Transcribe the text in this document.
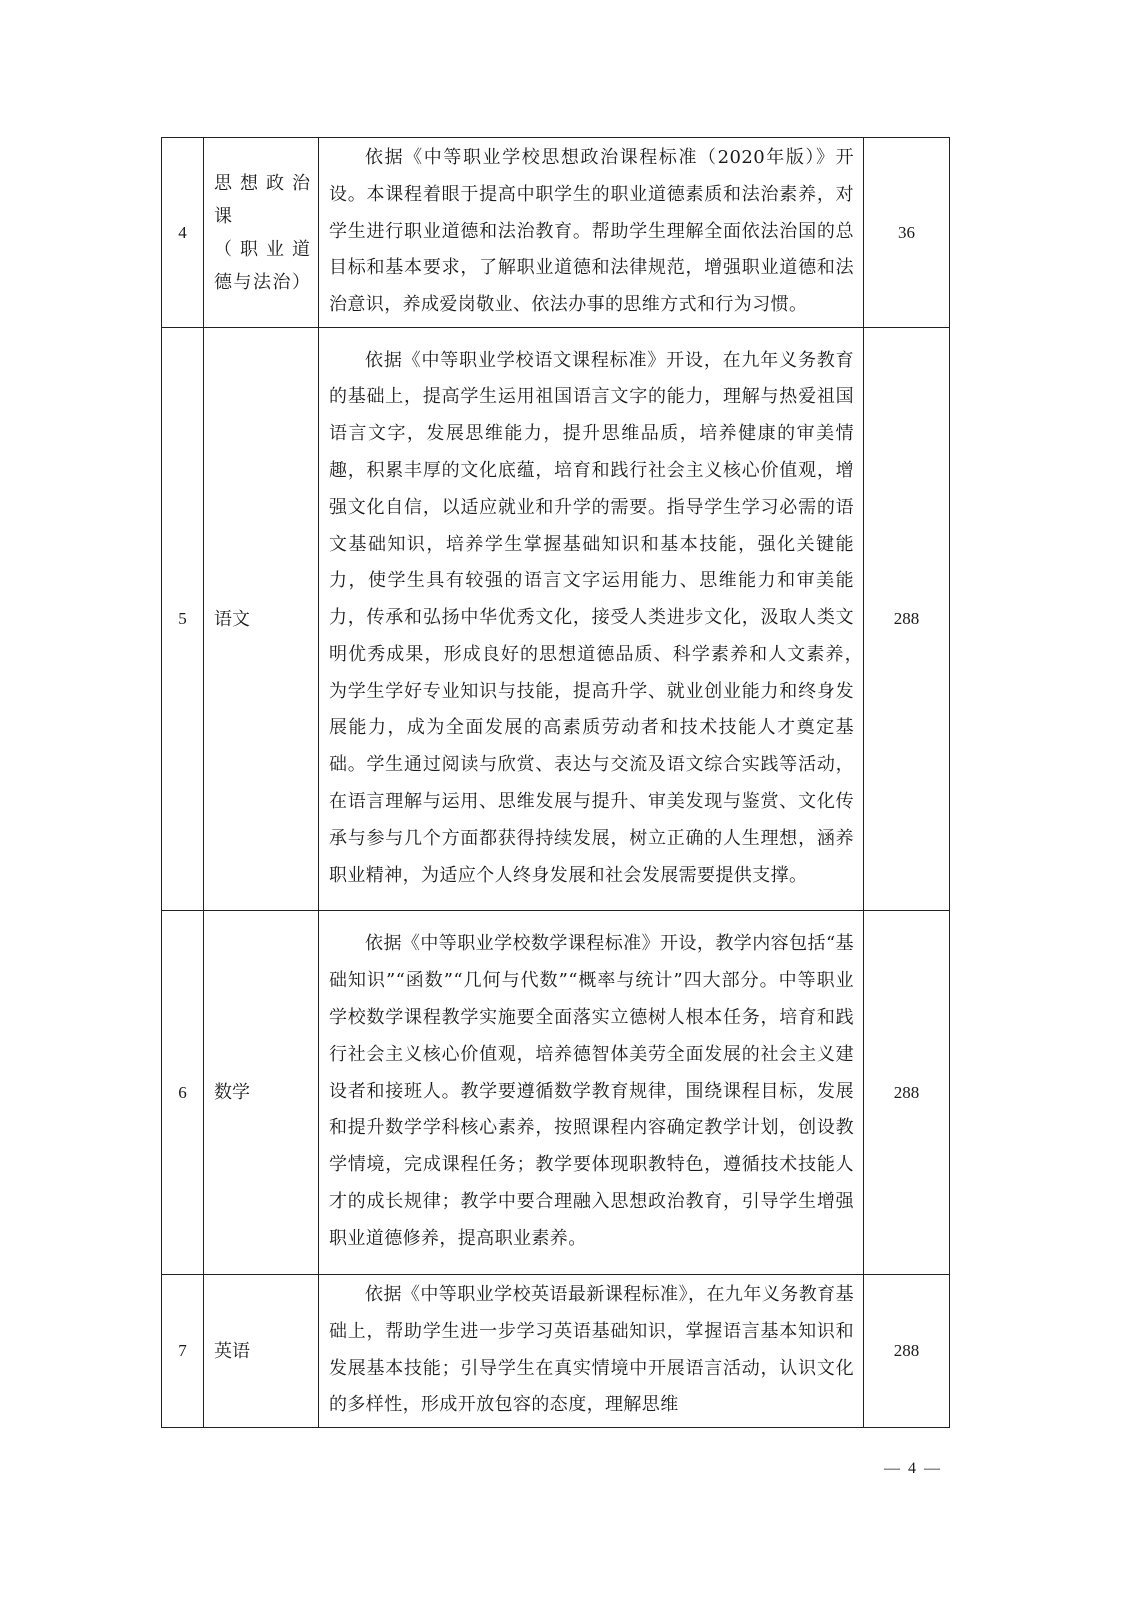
4	思想政治
课
（职业道
德与法治）	依据《中等职业学校思想政治课程标准（2020年版）》开设。本课程着眼于提高中职学生的职业道德素质和法治素养，对学生进行职业道德和法治教育。帮助学生理解全面依法治国的总目标和基本要求，了解职业道德和法律规范，增强职业道德和法治意识，养成爱岗敬业、依法办事的思维方式和行为习惯。	36
5	语文	依据《中等职业学校语文课程标准》开设，在九年义务教育的基础上，提高学生运用祖国语言文字的能力，理解与热爱祖国语言文字，发展思维能力，提升思维品质，培养健康的审美情趣，积累丰厚的文化底蕴，培育和践行社会主义核心价值观，增强文化自信，以适应就业和升学的需要。指导学生学习必需的语文基础知识，培养学生掌握基础知识和基本技能，强化关键能力，使学生具有较强的语言文字运用能力、思维能力和审美能力，传承和弘扬中华优秀文化，接受人类进步文化，汲取人类文明优秀成果，形成良好的思想道德品质、科学素养和人文素养，　　　为学生学好专业知识与技能，提高升学、就业创业能力和终身发展能力，成为全面发展的高素质劳动者和技术技能人才奠定基础。学生通过阅读与欣赏、表达与交流及语文综合实践等活动，在语言理解与运用、思维发展与提升、审美发现与鉴赏、文化传承与参与几个方面都获得持续发展，树立正确的人生理想，涵养职业精神，为适应个人终身发展和社会发展需要提供支撑。	288
6	数学	依据《中等职业学校数学课程标准》开设，教学内容包括“基础知识”“函数”“几何与代数”“概率与统计”四大部分。中等职业学校数学课程教学实施要全面落实立德树人根本任务，培育和践行社会主义核心价值观，培养德智体美劳全面发展的社会主义建设者和接班人。教学要遵循数学教育规律，围绕课程目标，发展和提升数学学科核心素养，按照课程内容确定教学计划，创设教学情境，完成课程任务；教学要体现职教特色，遵循技术技能人才的成长规律；教学中要合理融入思想政治教育，引导学生增强职业道德修养，提高职业素养。	288
7	英语	依据《中等职业学校英语最新课程标准》，在九年义务教育基础上，帮助学生进一步学习英语基础知识，掌握语言基本知识和发展基本技能；引导学生在真实情境中开展语言活动，认识文化的多样性，形成开放包容的态度，理解思维	288
— 4 —
